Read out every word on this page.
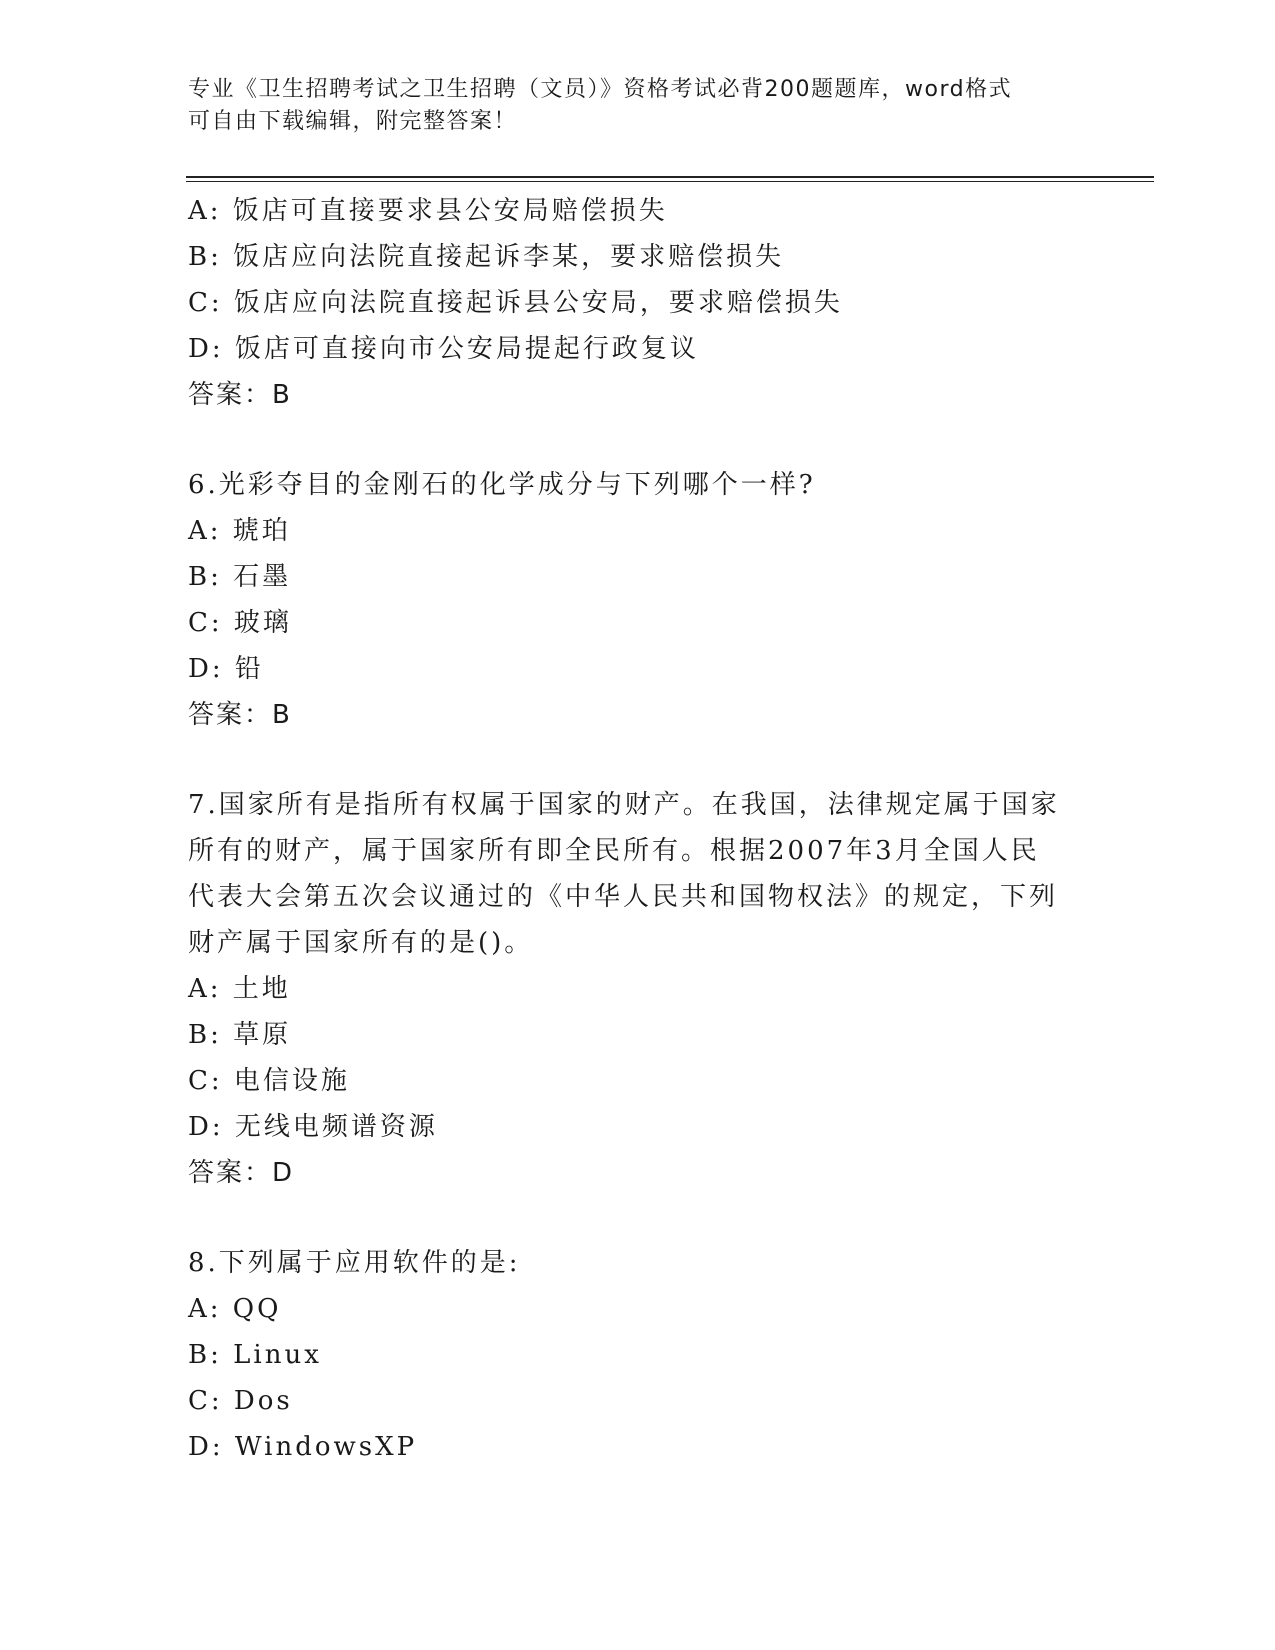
专业《卫生招聘考试之卫生招聘（文员）》资格考试必背200题题库，word格式

可自由下载编辑，附完整答案！

A: 饭店可直接要求县公安局赔偿损失
B: 饭店应向法院直接起诉李某，要求赔偿损失
C: 饭店应向法院直接起诉县公安局，要求赔偿损失
D: 饭店可直接向市公安局提起行政复议
答案：B
6.光彩夺目的金刚石的化学成分与下列哪个一样?
A: 琥珀
B: 石墨
C: 玻璃
D: 铅
答案：B
7.国家所有是指所有权属于国家的财产。在我国，法律规定属于国家所有的财产，属于国家所有即全民所有。根据2007年3月全国人民代表大会第五次会议通过的《中华人民共和国物权法》的规定，下列财产属于国家所有的是()。
A: 土地
B: 草原
C: 电信设施
D: 无线电频谱资源
答案：D
8.下列属于应用软件的是:
A: QQ
B: Linux
C: Dos
D: WindowsXP
